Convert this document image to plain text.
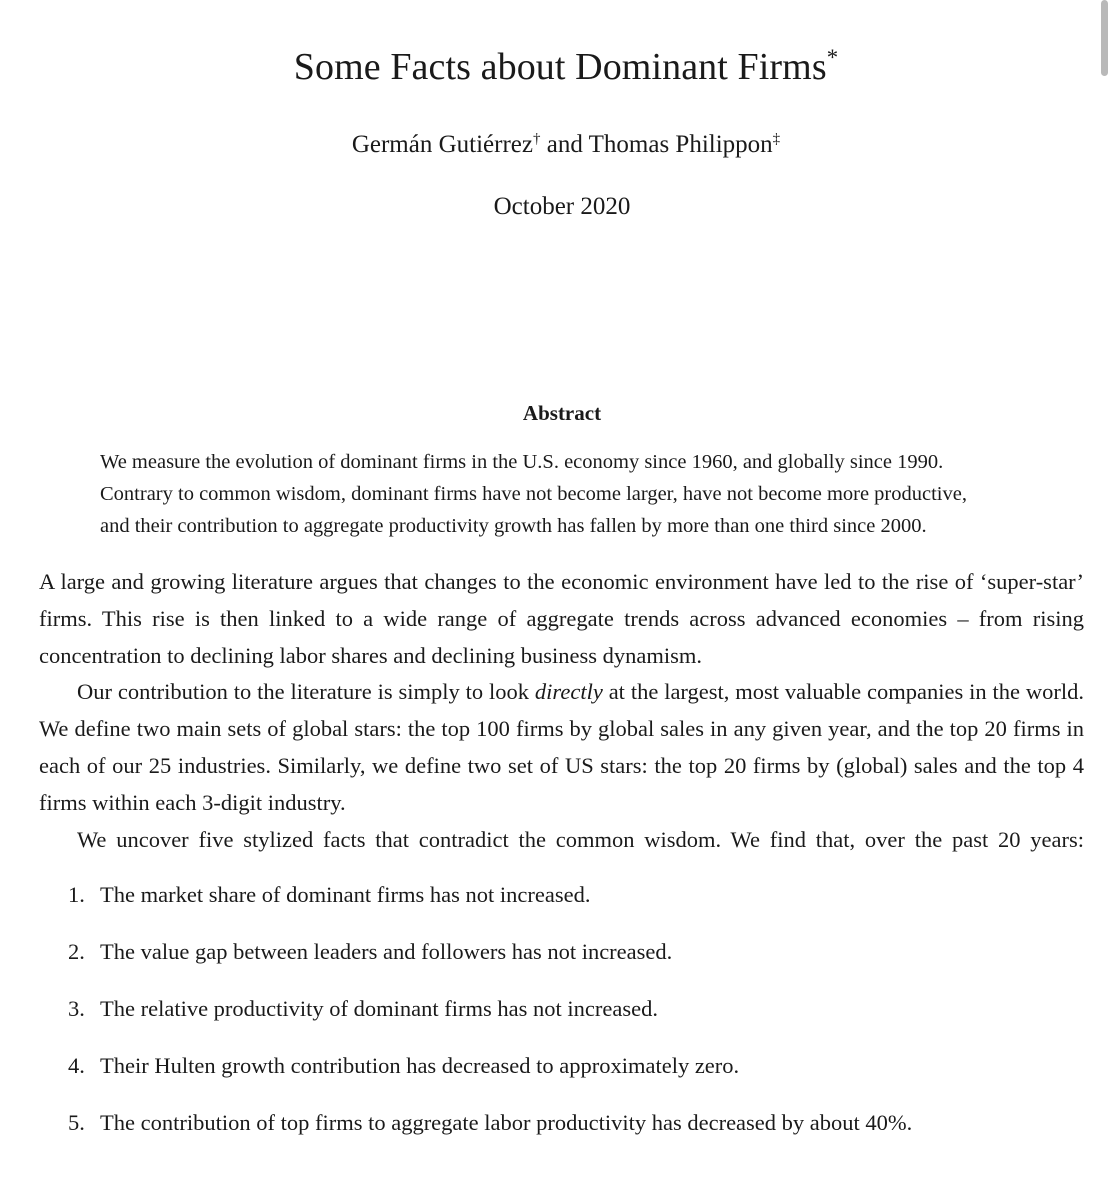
Some Facts about Dominant Firms*
Germán Gutiérrez† and Thomas Philippon‡
October 2020
Abstract
We measure the evolution of dominant firms in the U.S. economy since 1960, and globally since 1990.
Contrary to common wisdom, dominant firms have not become larger, have not become more productive,
and their contribution to aggregate productivity growth has fallen by more than one third since 2000.

A large and growing literature argues that changes to the economic environment have led to the rise of ‘super-star’ firms. This rise is then linked to a wide range of aggregate trends across advanced economies – from rising concentration to declining labor shares and declining business dynamism.

Our contribution to the literature is simply to look directly at the largest, most valuable companies in the world. We define two main sets of global stars: the top 100 firms by global sales in any given year, and the top 20 firms in each of our 25 industries. Similarly, we define two set of US stars: the top 20 firms by (global) sales and the top 4 firms within each 3-digit industry.

We uncover five stylized facts that contradict the common wisdom. We find that, over the past 20 years:

1. The market share of dominant firms has not increased.
2. The value gap between leaders and followers has not increased.
3. The relative productivity of dominant firms has not increased.
4. Their Hulten growth contribution has decreased to approximately zero.
5. The contribution of top firms to aggregate labor productivity has decreased by about 40%.
